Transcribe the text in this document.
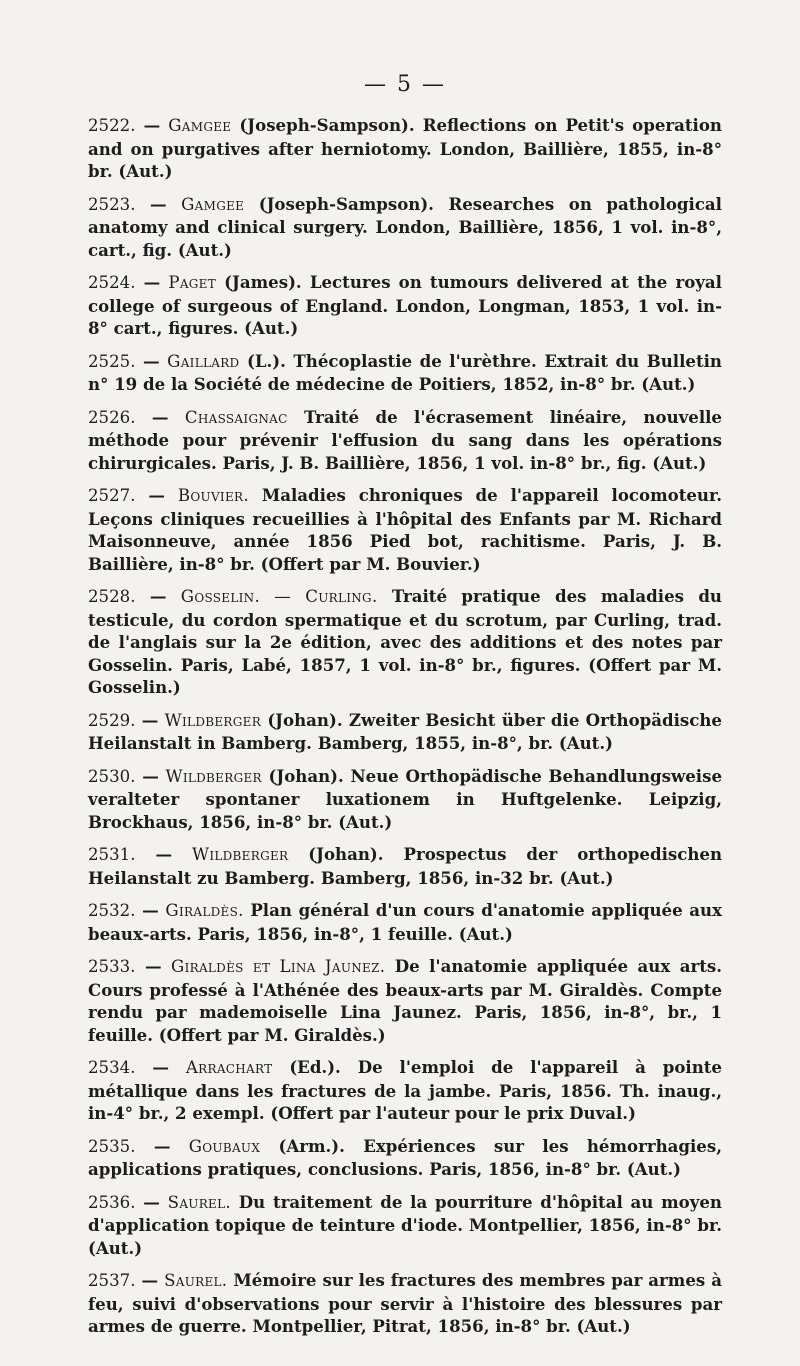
— 5 —

2522. — Gamgee (Joseph-Sampson). Reflections on Petit's operation and on purgatives after herniotomy. London, Baillière, 1855, in-8° br. (Aut.)

2523. — Gamgee (Joseph-Sampson). Researches on pathological anatomy and clinical surgery. London, Baillière, 1856, 1 vol. in-8°, cart., fig. (Aut.)

2524. — Paget (James). Lectures on tumours delivered at the royal college of surgeous of England. London, Longman, 1853, 1 vol. in-8° cart., figures. (Aut.)

2525. — Gaillard (L.). Thécoplastie de l'urèthre. Extrait du Bulletin n° 19 de la Société de médecine de Poitiers, 1852, in-8° br. (Aut.)

2526. — Chassaignac Traité de l'écrasement linéaire, nouvelle méthode pour prévenir l'effusion du sang dans les opérations chirurgicales. Paris, J. B. Baillière, 1856, 1 vol. in-8° br., fig. (Aut.)

2527. — Bouvier. Maladies chroniques de l'appareil locomoteur. Leçons cliniques recueillies à l'hôpital des Enfants par M. Richard Maisonneuve, année 1856 Pied bot, rachitisme. Paris, J. B. Baillière, in-8° br. (Offert par M. Bouvier.)

2528. — Gosselin. — Curling. Traité pratique des maladies du testicule, du cordon spermatique et du scrotum, par Curling, trad. de l'anglais sur la 2e édition, avec des additions et des notes par Gosselin. Paris, Labé, 1857, 1 vol. in-8° br., figures. (Offert par M. Gosselin.)

2529. — Wildberger (Johan). Zweiter Besicht über die Orthopädische Heilanstalt in Bamberg. Bamberg, 1855, in-8°, br. (Aut.)

2530. — Wildberger (Johan). Neue Orthopädische Behandlungsweise veralteter spontaner luxationem in Huftgelenke. Leipzig, Brockhaus, 1856, in-8° br. (Aut.)

2531. — Wildberger (Johan). Prospectus der orthopedischen Heilanstalt zu Bamberg. Bamberg, 1856, in-32 br. (Aut.)

2532. — Giraldès. Plan général d'un cours d'anatomie appliquée aux beaux-arts. Paris, 1856, in-8°, 1 feuille. (Aut.)

2533. — Giraldès et Lina Jaunez. De l'anatomie appliquée aux arts. Cours professé à l'Athénée des beaux-arts par M. Giraldès. Compte rendu par mademoiselle Lina Jaunez. Paris, 1856, in-8°, br., 1 feuille. (Offert par M. Giraldès.)

2534. — Arrachart (Ed.). De l'emploi de l'appareil à pointe métallique dans les fractures de la jambe. Paris, 1856. Th. inaug., in-4° br., 2 exempl. (Offert par l'auteur pour le prix Duval.)

2535. — Goubaux (Arm.). Expériences sur les hémorrhagies, applications pratiques, conclusions. Paris, 1856, in-8° br. (Aut.)

2536. — Saurel. Du traitement de la pourriture d'hôpital au moyen d'application topique de teinture d'iode. Montpellier, 1856, in-8° br. (Aut.)

2537. — Saurel. Mémoire sur les fractures des membres par armes à feu, suivi d'observations pour servir à l'histoire des blessures par armes de guerre. Montpellier, Pitrat, 1856, in-8° br. (Aut.)
